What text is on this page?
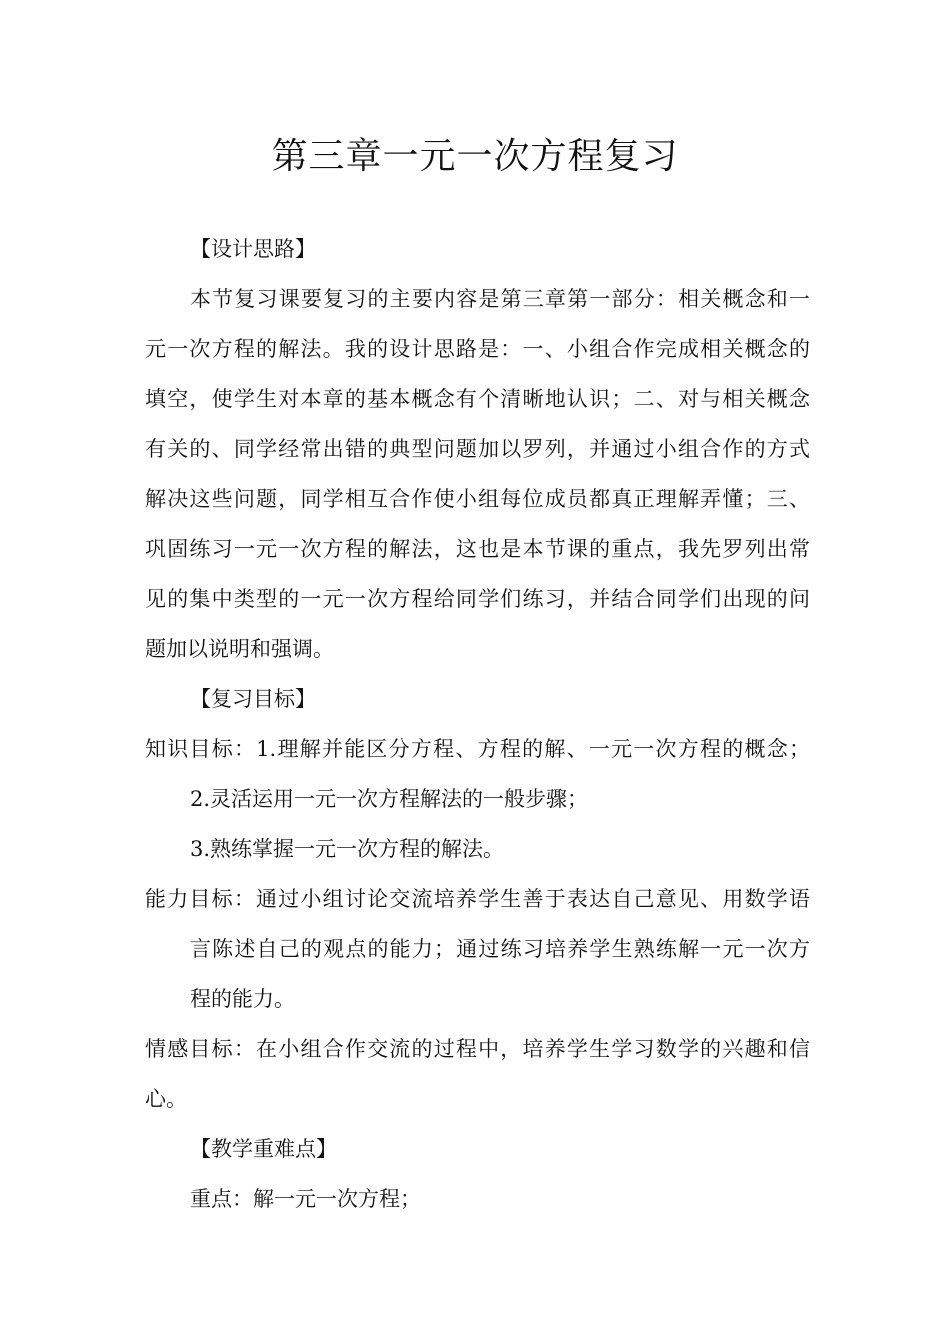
第三章一元一次方程复习
【设计思路】
本节复习课要复习的主要内容是第三章第一部分：相关概念和一
元一次方程的解法。我的设计思路是：一、小组合作完成相关概念的
填空，使学生对本章的基本概念有个清晰地认识；二、对与相关概念
有关的、同学经常出错的典型问题加以罗列，并通过小组合作的方式
解决这些问题，同学相互合作使小组每位成员都真正理解弄懂；三、
巩固练习一元一次方程的解法，这也是本节课的重点，我先罗列出常
见的集中类型的一元一次方程给同学们练习，并结合同学们出现的问
题加以说明和强调。
【复习目标】
知识目标：1.理解并能区分方程、方程的解、一元一次方程的概念；
2.灵活运用一元一次方程解法的一般步骤；
3.熟练掌握一元一次方程的解法。
能力目标：通过小组讨论交流培养学生善于表达自己意见、用数学语
言陈述自己的观点的能力；通过练习培养学生熟练解一元一次方
程的能力。
情感目标：在小组合作交流的过程中，培养学生学习数学的兴趣和信
心。
【教学重难点】
重点：解一元一次方程；
